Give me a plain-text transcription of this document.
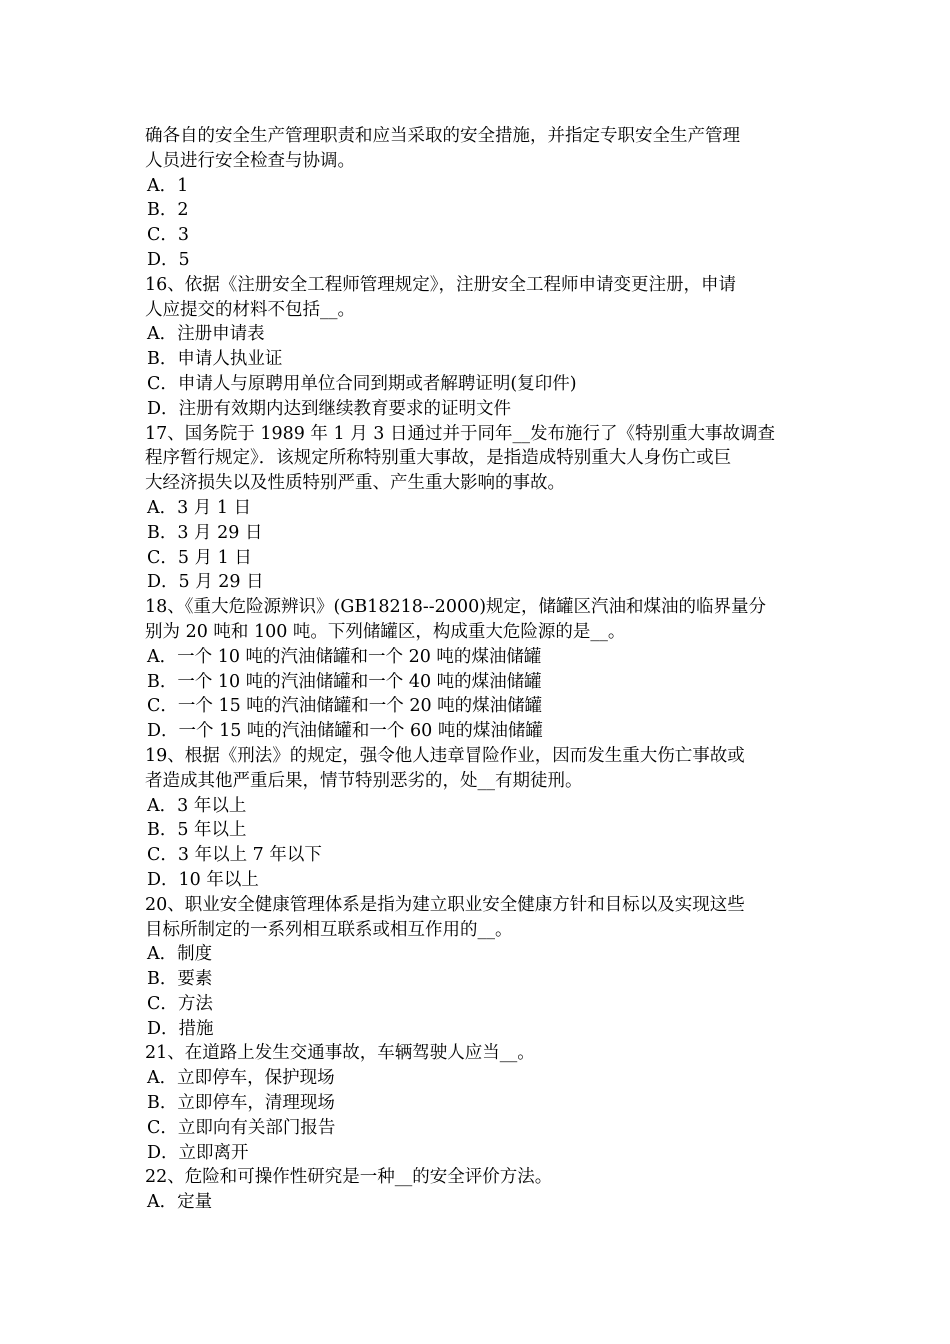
确各自的安全生产管理职责和应当采取的安全措施，并指定专职安全生产管理
人员进行安全检查与协调。
A．1
B．2
C．3
D．5
16、依据《注册安全工程师管理规定》，注册安全工程师申请变更注册，申请
人应提交的材料不包括__。
A．注册申请表
B．申请人执业证
C．申请人与原聘用单位合同到期或者解聘证明(复印件)
D．注册有效期内达到继续教育要求的证明文件
17、国务院于 1989 年 1 月 3 日通过并于同年__发布施行了《特别重大事故调查
程序暂行规定》．该规定所称特别重大事故，是指造成特别重大人身伤亡或巨
大经济损失以及性质特别严重、产生重大影响的事故。
A．3 月 1 日
B．3 月 29 日
C．5 月 1 日
D．5 月 29 日
18、《重大危险源辨识》(GB18218--2000)规定，储罐区汽油和煤油的临界量分
别为 20 吨和 100 吨。下列储罐区，构成重大危险源的是__。
A．一个 10 吨的汽油储罐和一个 20 吨的煤油储罐
B．一个 10 吨的汽油储罐和一个 40 吨的煤油储罐
C．一个 15 吨的汽油储罐和一个 20 吨的煤油储罐
D．一个 15 吨的汽油储罐和一个 60 吨的煤油储罐
19、根据《刑法》的规定，强令他人违章冒险作业，因而发生重大伤亡事故或
者造成其他严重后果，情节特别恶劣的，处__有期徒刑。
A．3 年以上
B．5 年以上
C．3 年以上 7 年以下
D．10 年以上
20、职业安全健康管理体系是指为建立职业安全健康方针和目标以及实现这些
目标所制定的一系列相互联系或相互作用的__。
A．制度
B．要素
C．方法
D．措施
21、在道路上发生交通事故，车辆驾驶人应当__。
A．立即停车，保护现场
B．立即停车，清理现场
C．立即向有关部门报告
D．立即离开
22、危险和可操作性研究是一种__的安全评价方法。
A．定量
